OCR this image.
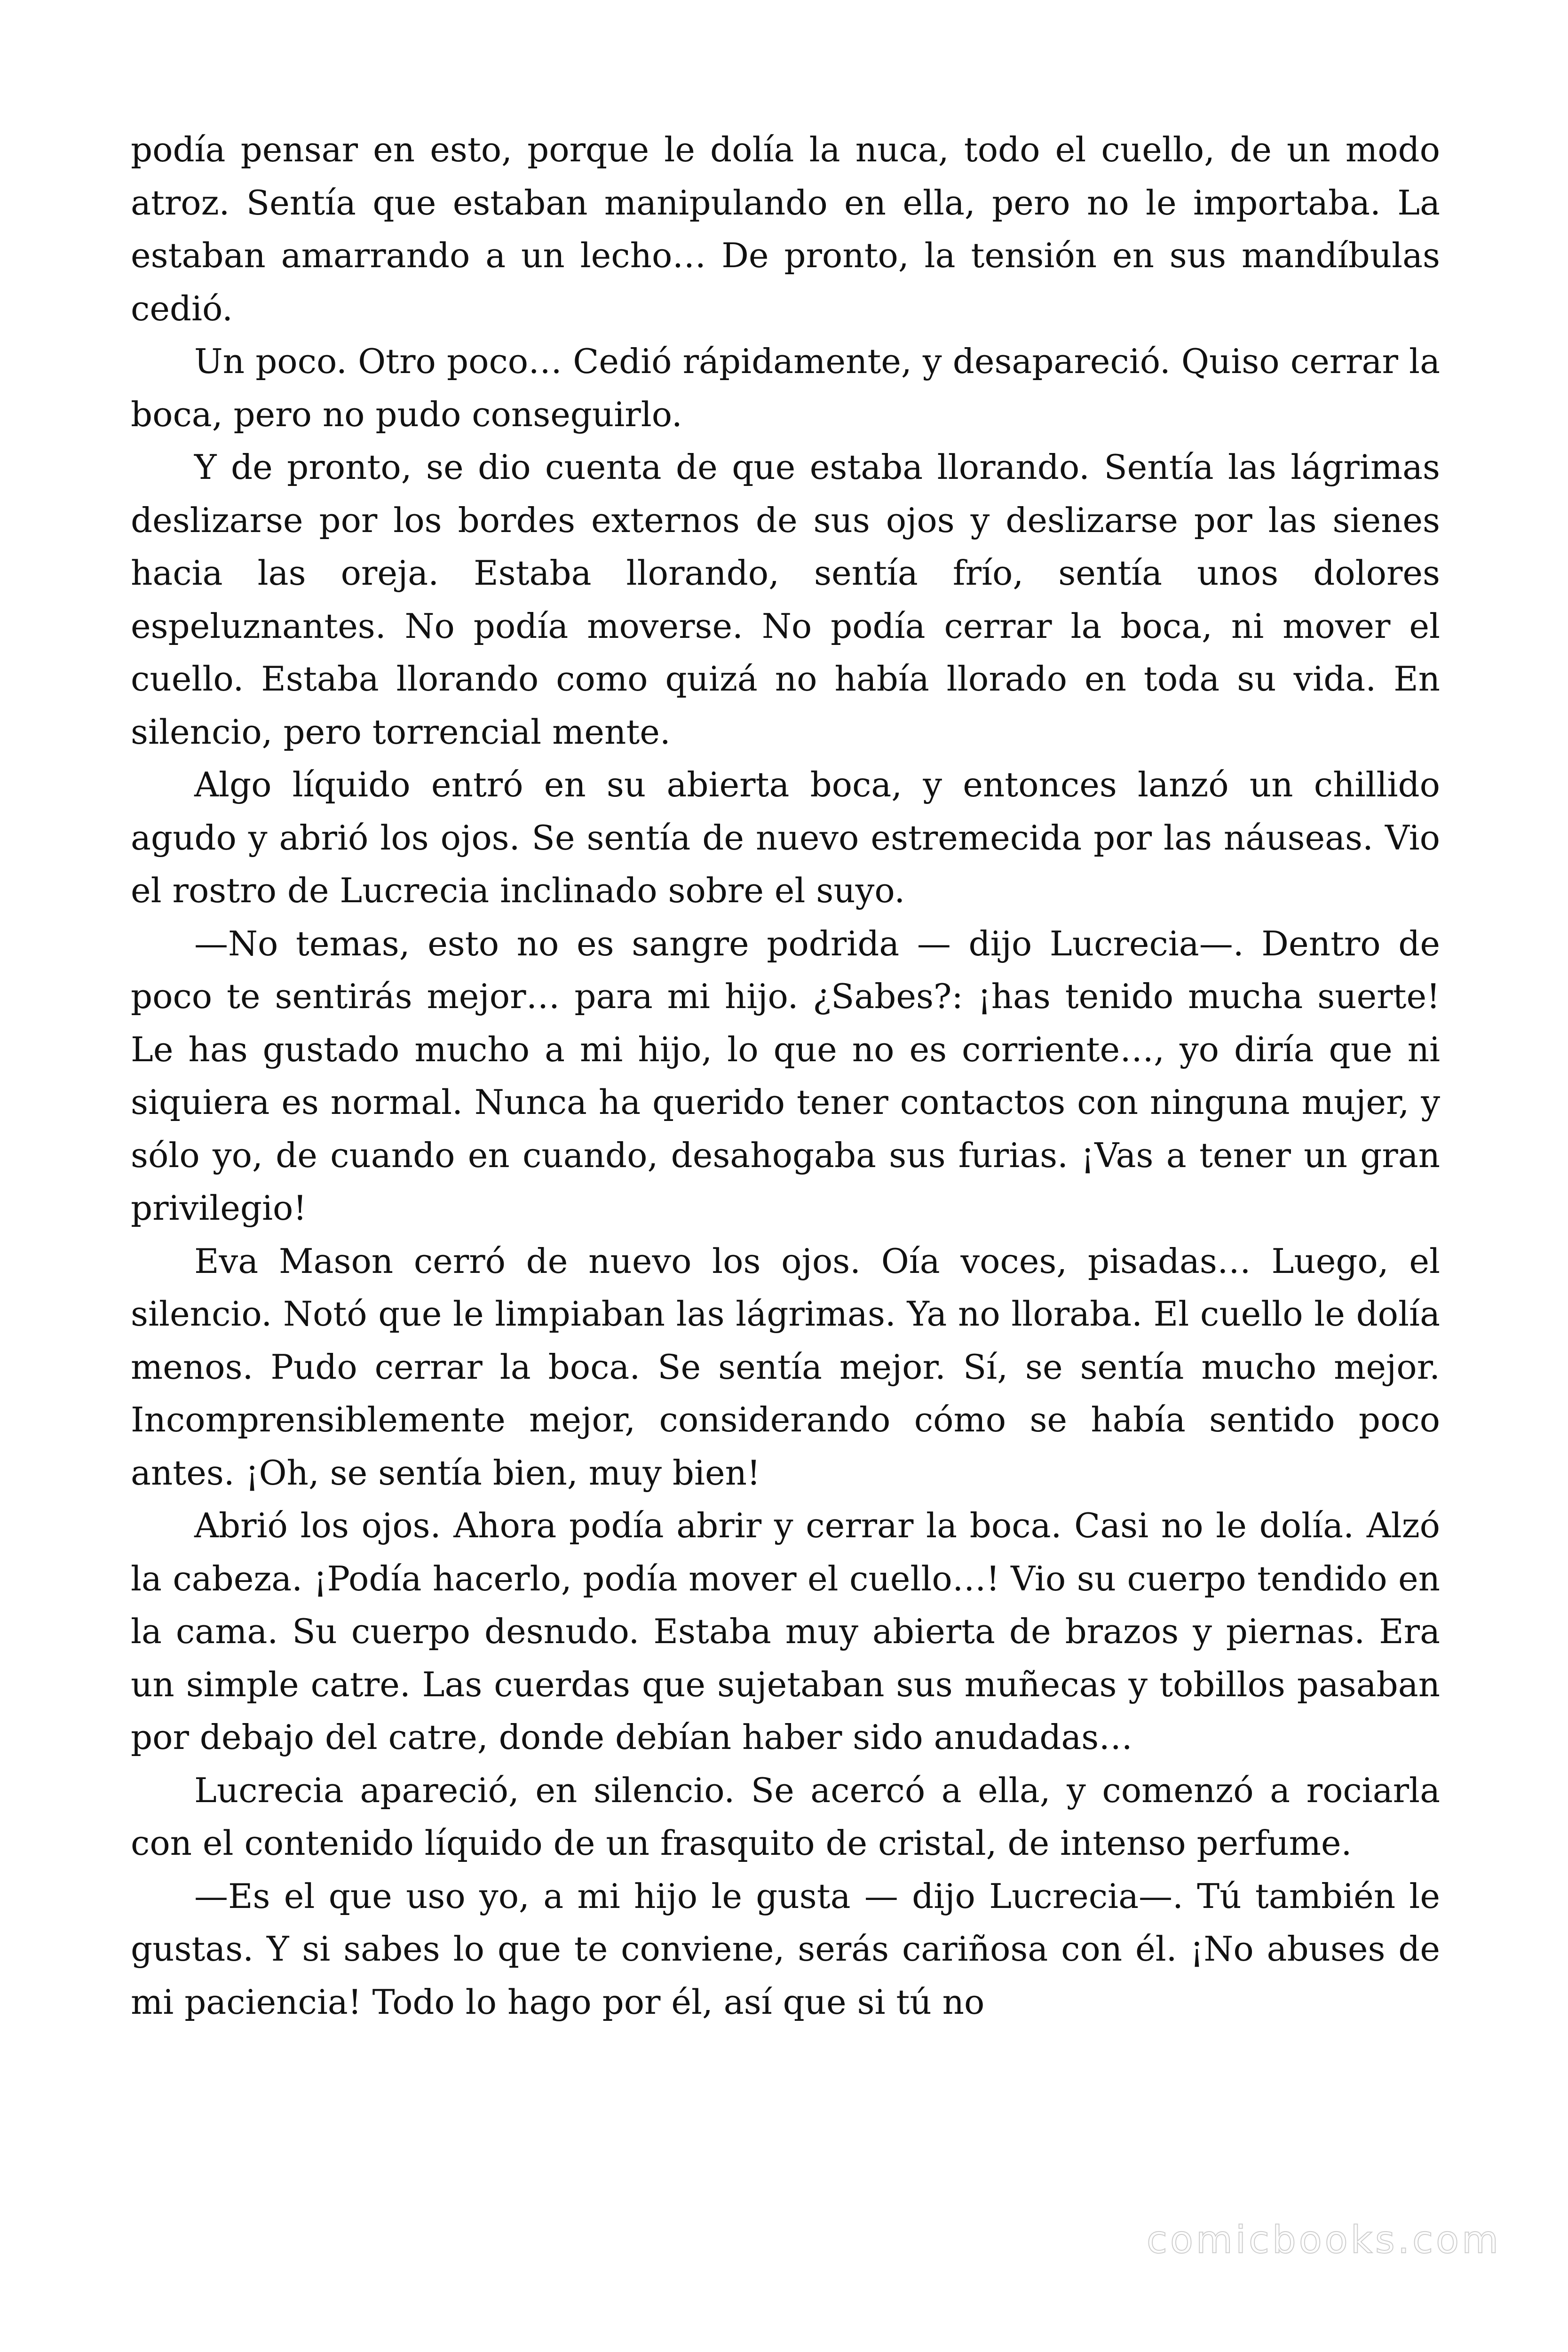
podía pensar en esto, porque le dolía la nuca, todo el cuello, de un modo atroz. Sentía que estaban manipulando en ella, pero no le importaba. La estaban amarrando a un lecho… De pronto, la tensión en sus mandíbulas cedió.

Un poco. Otro poco… Cedió rápidamente, y desapareció. Quiso cerrar la boca, pero no pudo conseguirlo.

Y de pronto, se dio cuenta de que estaba llorando. Sentía las lágrimas deslizarse por los bordes externos de sus ojos y deslizarse por las sienes hacia las oreja. Estaba llorando, sentía frío, sentía unos dolores espeluznantes. No podía moverse. No podía cerrar la boca, ni mover el cuello. Estaba llorando como quizá no había llorado en toda su vida. En silencio, pero torrencial mente.

Algo líquido entró en su abierta boca, y entonces lanzó un chillido agudo y abrió los ojos. Se sentía de nuevo estremecida por las náuseas. Vio el rostro de Lucrecia inclinado sobre el suyo.

—No temas, esto no es sangre podrida — dijo Lucrecia—. Dentro de poco te sentirás mejor… para mi hijo. ¿Sabes?: ¡has tenido mucha suerte! Le has gustado mucho a mi hijo, lo que no es corriente…, yo diría que ni siquiera es normal. Nunca ha querido tener contactos con ninguna mujer, y sólo yo, de cuando en cuando, desahogaba sus furias. ¡Vas a tener un gran privilegio!

Eva Mason cerró de nuevo los ojos. Oía voces, pisadas… Luego, el silencio. Notó que le limpiaban las lágrimas. Ya no lloraba. El cuello le dolía menos. Pudo cerrar la boca. Se sentía mejor. Sí, se sentía mucho mejor. Incomprensiblemente mejor, considerando cómo se había sentido poco antes. ¡Oh, se sentía bien, muy bien!

Abrió los ojos. Ahora podía abrir y cerrar la boca. Casi no le dolía. Alzó la cabeza. ¡Podía hacerlo, podía mover el cuello…! Vio su cuerpo tendido en la cama. Su cuerpo desnudo. Estaba muy abierta de brazos y piernas. Era un simple catre. Las cuerdas que sujetaban sus muñecas y tobillos pasaban por debajo del catre, donde debían haber sido anudadas…

Lucrecia apareció, en silencio. Se acercó a ella, y comenzó a rociarla con el contenido líquido de un frasquito de cristal, de intenso perfume.

—Es el que uso yo, a mi hijo le gusta — dijo Lucrecia—. Tú también le gustas. Y si sabes lo que te conviene, serás cariñosa con él. ¡No abuses de mi paciencia! Todo lo hago por él, así que si tú no

comicbooks.com
